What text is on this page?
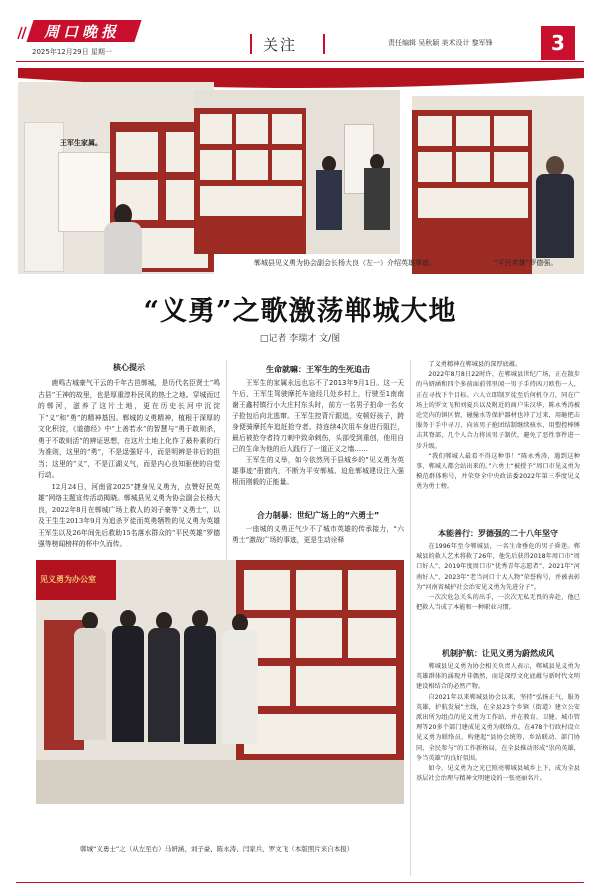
周口晚报
2025年12月29日 星期一	关注	责任编辑 吴秋颖 美术设计 黎军锋	3
王军生家属。
郸城县见义勇为协会副会长杨大良（左一）介绍英雄事迹。	“平民英雄”罗德强。
“义勇”之歌激荡郸城大地
□记者 李瑞才 文/图
核心提示

鹿鸣古城豪气干云的千年古邑郸城，是历代名臣贤士“鸣古县”王神的故里，也是厚重淳朴民风的热土之地。穿城而过的郸河，滋养了这片土地，更在历史长河中沉淀下“义”和“勇”的精神基因。郸城的义勇精神，植根于深厚的文化积淀，《道德经》中“上善若水”的智慧与“勇于敢则杀，勇于不敢则活”的辨证思想，在这片土地上化作了最朴素的行为准则，这里的“勇”，不是逞强好斗，而是明辨是非后的担当；这里的“义”，不是江湖义气，而是内心良知驱使的自觉行动。

12月24日，河南省2025“捷身见义勇为，点赞好民英雄”网络主题宣传活动揭晓。郸城县见义勇为协会副会长杨大良，2022年8月在郸城广场上救人的刘子豪等“义勇士”，以及王生生2013年9月为追杀歹徒而英勇牺牲的见义勇为英雄王军生以及26年间先后救助15名落水群众的“平民英雄”罗德强等榜闻榜样的杯中久而传。

生命就嘛：王军生的生死追击

王军生的家属永远也忘不了2013年9月1日。这一天午后，王军生驾驶摩托车途经几处乡村上，行驶至1南南谢王鑫村镇行小大庄村东头时，前方一名男子拍命一名女子抢包后向北逃窜。王军生控背斤跟追，安顿好孩子，跨身便骑摩托车追赶抢夺者。持连续4次用车身进行阻拦，最后被抢夺者持刀刺中致命刺伤，头部受到重创，他用自己的生命为他的后人践行了一道正义之墙……

王军生的义举，如今依然列于县城乡的“见义勇为英雄事迹”册窗内，不断为平安郸城、迫危郸城建设注入强根而刚毅的正能量。

合力制暴：世纪广场上的“六勇士”

一座城的义勇正气少不了城市英雄的传承接力，“六勇士”激战广场的事迹，更是生动诠释

了义勇精神在郸城县的深厚底蕴。

2022年8月8日22时许，在郸城县世纪广场，正在散步的马妍涵和四个多前面前邻里闻一男子手持凶刀欧伤一人，正在寻找下个目标。六人立即制歹徒至后何机夺刀，同在广场上的罗文飞和刘夏兵以及附近的商户朱汉华、陈永秀涛被沦完内的镇区情，碰撞水等保护器材也冲了过来，用砸把击服务于手中寻刀，向该男子抢团结制继续核水，用塑控棒锤击其脊部，几个人合力将该男子制伏，避免了恶性事件进一步升级。

“我们郸城人最看不得这种事！”陈永秀涛，遇到这种事，郸城人都会站出来的。”六勇士“被授予”周口市见义勇为模范群体称号，并荣登全中央政法委2022年第三季度见义勇为勇士榜。

本能善行：罗德强的二十八年坚守

在1996年至今郸城县，一名生命垂危的男子昏迷。郸城县的救人艺术将救了26年，他先后获得2018年周口市“周口好人”、2019年度周口市“优秀青年志愿者”、2021年“河南好人”、2023年“老当河口十大人物”荣誉称号，并被表彰为“河南省城护社会治安见义勇为先进分子”。

一次次危急关头的出手，一次次无私无畏的奔赴，他已把救人当成了本能和一种职业习惯。

机制护航：让见义勇为蔚然成风

郸城县见义勇为协会相关负责人表示，郸城县见义勇为英雄群体的涌现并非偶然，而是深厚文化底蕴与新时代文明建设相结合的必然产物。

自2021年以来郸城县协会以来，坚持“弘扬正气、服务英雄，护航发展”主线，在全县23个乡镇（街道）建立公安派出所为组点的见义勇为工作站，并在教育、卫健、城市管理等20多个部门建成见义勇为联络点，在478个行政村设立见义勇为联络员，构建起“县协会统筹，乡站联动、部门协同，全民参与”的工作新格局，在全县推动形成“崇尚英雄，争当英雄”的良好氛围。

如今，见义勇为之光已照亮郸城县城乡上下，成为全县基层社会治理与精神文明建设的一张亮丽名片。

见义勇为办公室
郸城“义勇士”之（从左至右）马妍涵、刘子豪、陈永涛、闫家兵、罗文飞（本版照片来自本报）
